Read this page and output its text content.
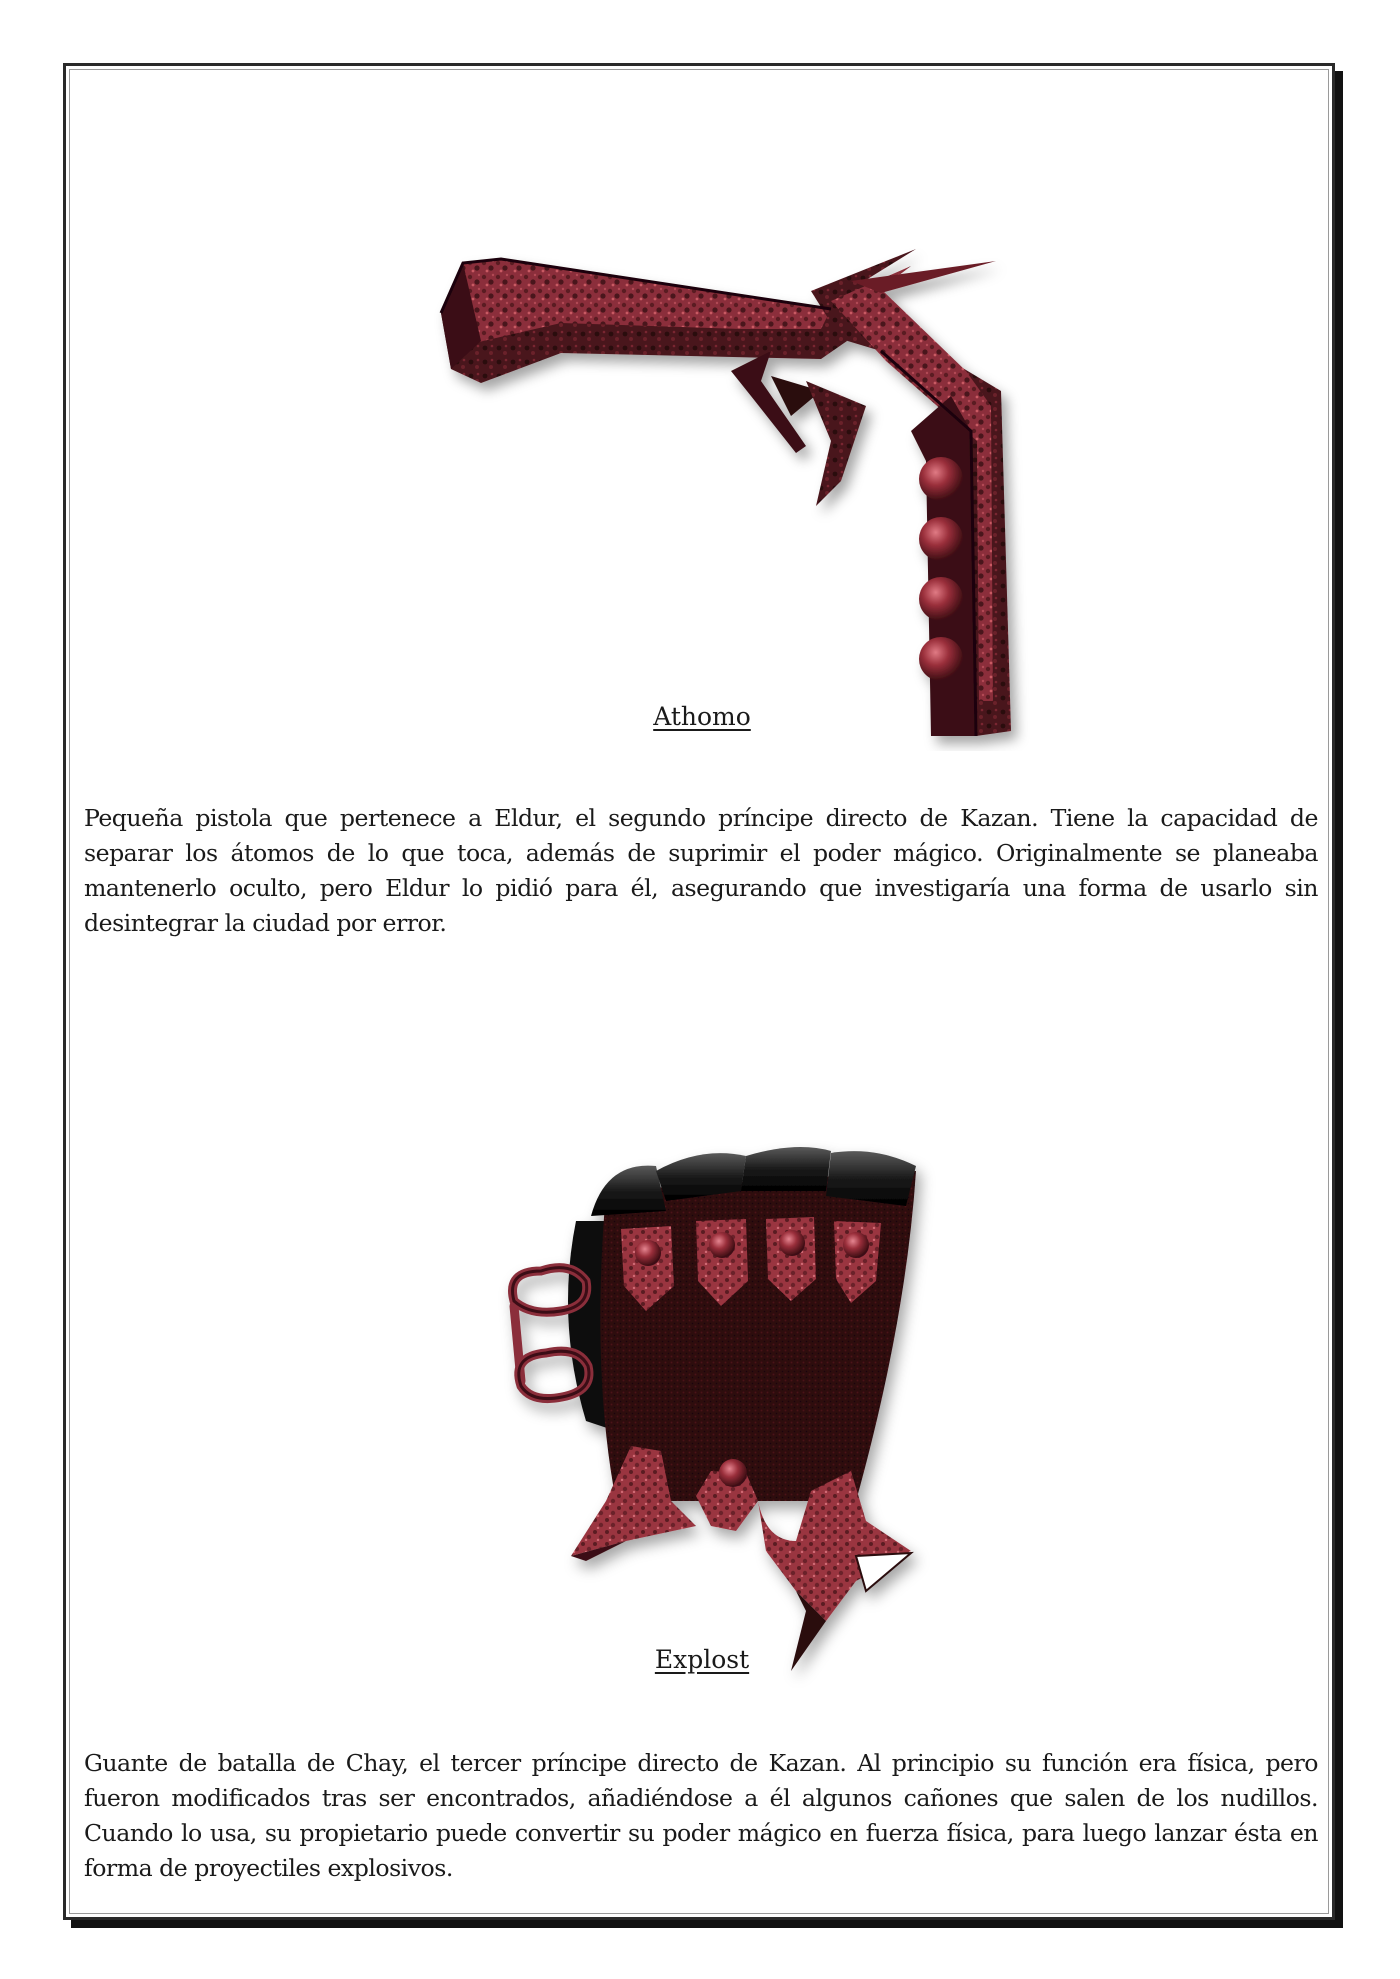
Athomo

Pequeña pistola que pertenece a Eldur, el segundo príncipe directo de Kazan. Tiene la capacidad de separar los átomos de lo que toca, además de suprimir el poder mágico. Originalmente se planeaba mantenerlo oculto, pero Eldur lo pidió para él, asegurando que investigaría una forma de usarlo sin desintegrar la ciudad por error.

Explost

Guante de batalla de Chay, el tercer príncipe directo de Kazan. Al principio su función era física, pero fueron modificados tras ser encontrados, añadiéndose a él algunos cañones que salen de los nudillos. Cuando lo usa, su propietario puede convertir su poder mágico en fuerza física, para luego lanzar ésta en forma de proyectiles explosivos.
